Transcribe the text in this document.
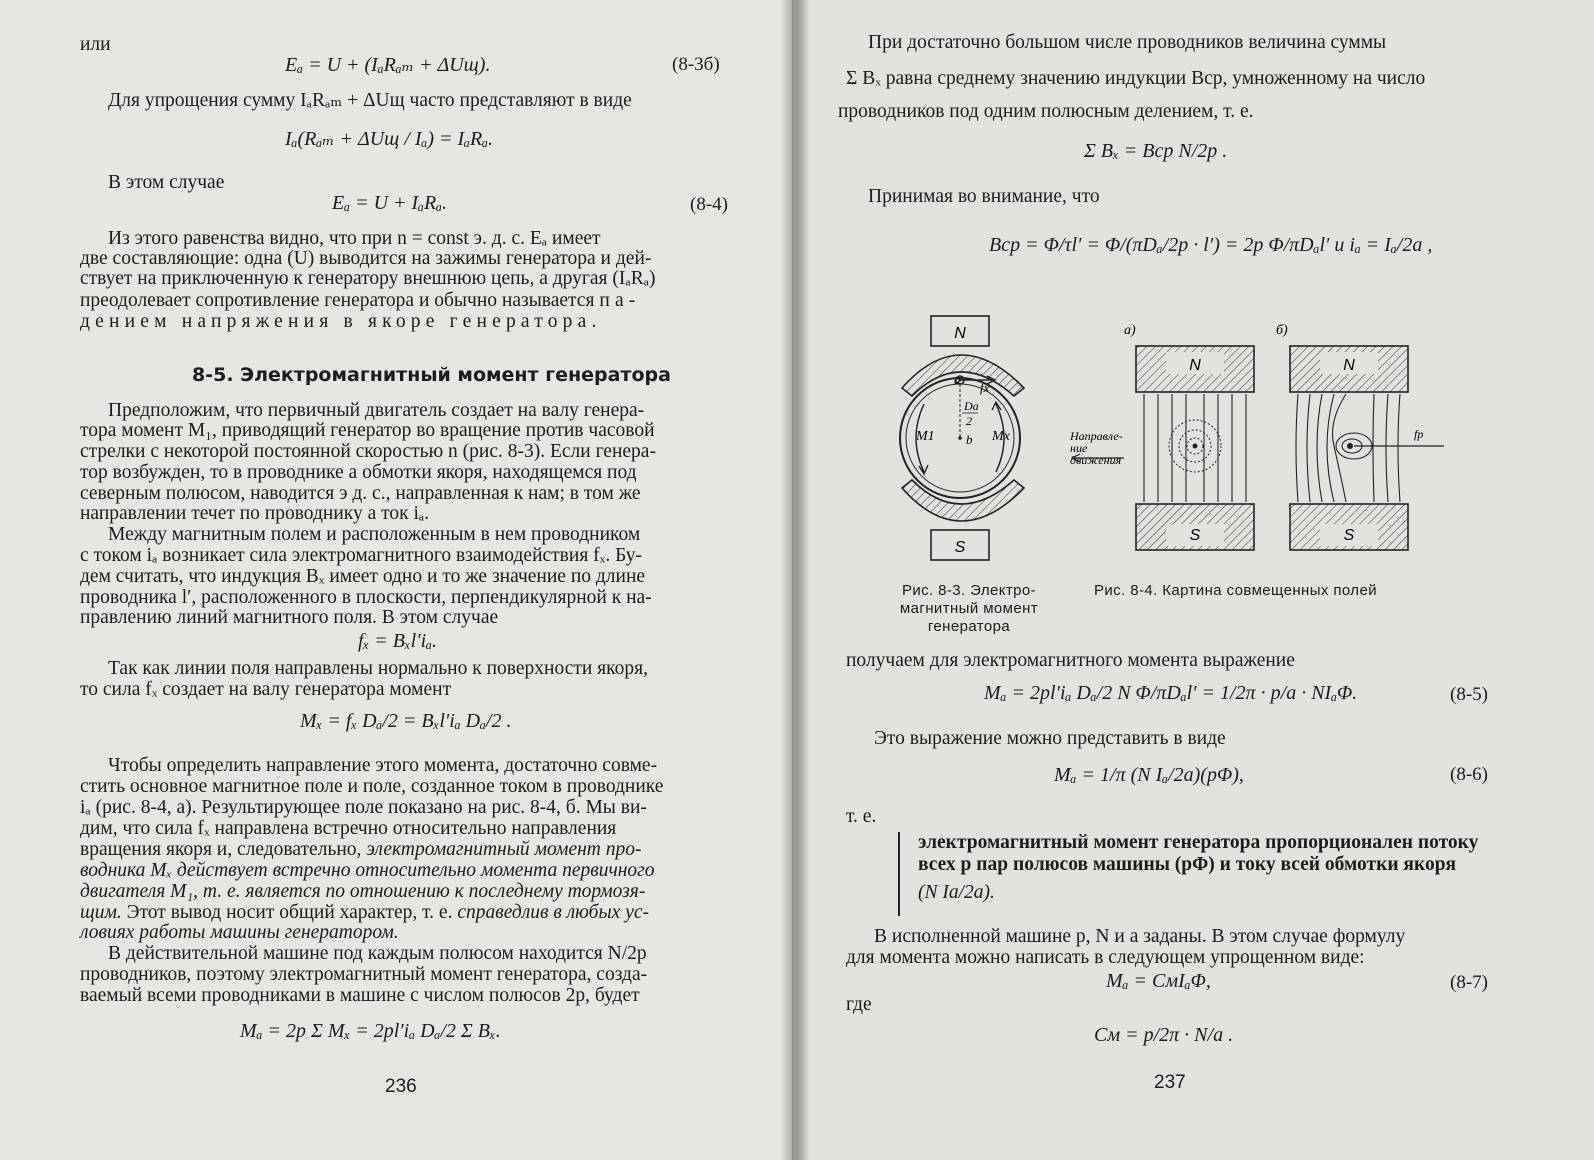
или
Eₐ = U + (IₐRₐₘ + ΔUщ).	(8-3б)
Для упрощения сумму IₐRₐₘ + ΔUщ часто представляют в виде
Iₐ(Rₐₘ + ΔUщ / Iₐ) = IₐRₐ.
В этом случае
Eₐ = U + IₐRₐ.	(8-4)
Из этого равенства видно, что при n = const э. д. с. Eₐ имеет
две составляющие: одна (U) выводится на зажимы генератора и дей-
ствует на приключенную к генератору внешнюю цепь, а другая (IₐRₐ)
преодолевает сопротивление генератора и обычно называется па-
дением напряжения в якоре генератора.
8-5. Электромагнитный момент генератора
Предположим, что первичный двигатель создает на валу генера-
тора момент M₁, приводящий генератор во вращение против часовой
стрелки с некоторой постоянной скоростью n (рис. 8-3). Если генера-
тор возбужден, то в проводнике a обмотки якоря, находящемся под
северным полюсом, наводится э д. с., направленная к нам; в том же
направлении течет по проводнику a ток iₐ.
Между магнитным полем и расположенным в нем проводником
с током iₐ возникает сила электромагнитного взаимодействия fₓ. Бу-
дем считать, что индукция Bₓ имеет одно и то же значение по длине
проводника l′, расположенного в плоскости, перпендикулярной к на-
правлению линий магнитного поля. В этом случае
fₓ = Bₓl′iₐ.
Так как линии поля направлены нормально к поверхности якоря,
то сила fₓ создает на валу генератора момент
Mₓ = fₓ Dₐ/2 = Bₓl′iₐ Dₐ/2 .
Чтобы определить направление этого момента, достаточно совме-
стить основное магнитное поле и поле, созданное током в проводнике
iₐ (рис. 8-4, а). Результирующее поле показано на рис. 8-4, б. Мы ви-
дим, что сила fₓ направлена встречно относительно направления
вращения якоря и, следовательно, электромагнитный момент про-
водника Mₓ действует встречно относительно момента первичного
двигателя M₁, т. е. является по отношению к последнему тормозя-
щим. Этот вывод носит общий характер, т. е. справедлив в любых ус-
ловиях работы машины генератором.
В действительной машине под каждым полюсом находится N/2p
проводников, поэтому электромагнитный момент генератора, созда-
ваемый всеми проводниками в машине с числом полюсов 2p, будет
Mₐ = 2p Σ Mₓ = 2pl′iₐ Dₐ/2 Σ Bₓ.
236
При достаточно большом числе проводников величина суммы
Σ Bₓ равна среднему значению индукции Bср, умноженному на число
проводников под одним полюсным делением, т. е.
Σ Bₓ = Bср N/2p .
Принимая во внимание, что
Bср = Φ/τl′ = Φ/(πDₐ/2p · l′) = 2p Φ/πDₐl′ и iₐ = Iₐ/2a ,
N
S
a
fx
Da
2
b
M1	Mx
а)
N
S
Направле-
ние
движения
б)
N
S
fр
Рис. 8-3. Электро-
магнитный момент
генератора
Рис. 8-4. Картина совмещенных полей
получаем для электромагнитного момента выражение
Mₐ = 2pl′iₐ Dₐ/2 N Φ/πDₐl′ = 1/2π · p/a · NIₐΦ.	(8-5)
Это выражение можно представить в виде
Mₐ = 1/π (N Iₐ/2a)(pΦ),	(8-6)
т. е.
электромагнитный момент генератора пропорционален потоку
всех p пар полюсов машины (pΦ) и току всей обмотки якоря
(N Ia/2a).
В исполненной машине p, N и a заданы. В этом случае формулу
для момента можно написать в следующем упрощенном виде:
Mₐ = CмIₐΦ,	(8-7)
где
Cм = p/2π · N/a .
237
